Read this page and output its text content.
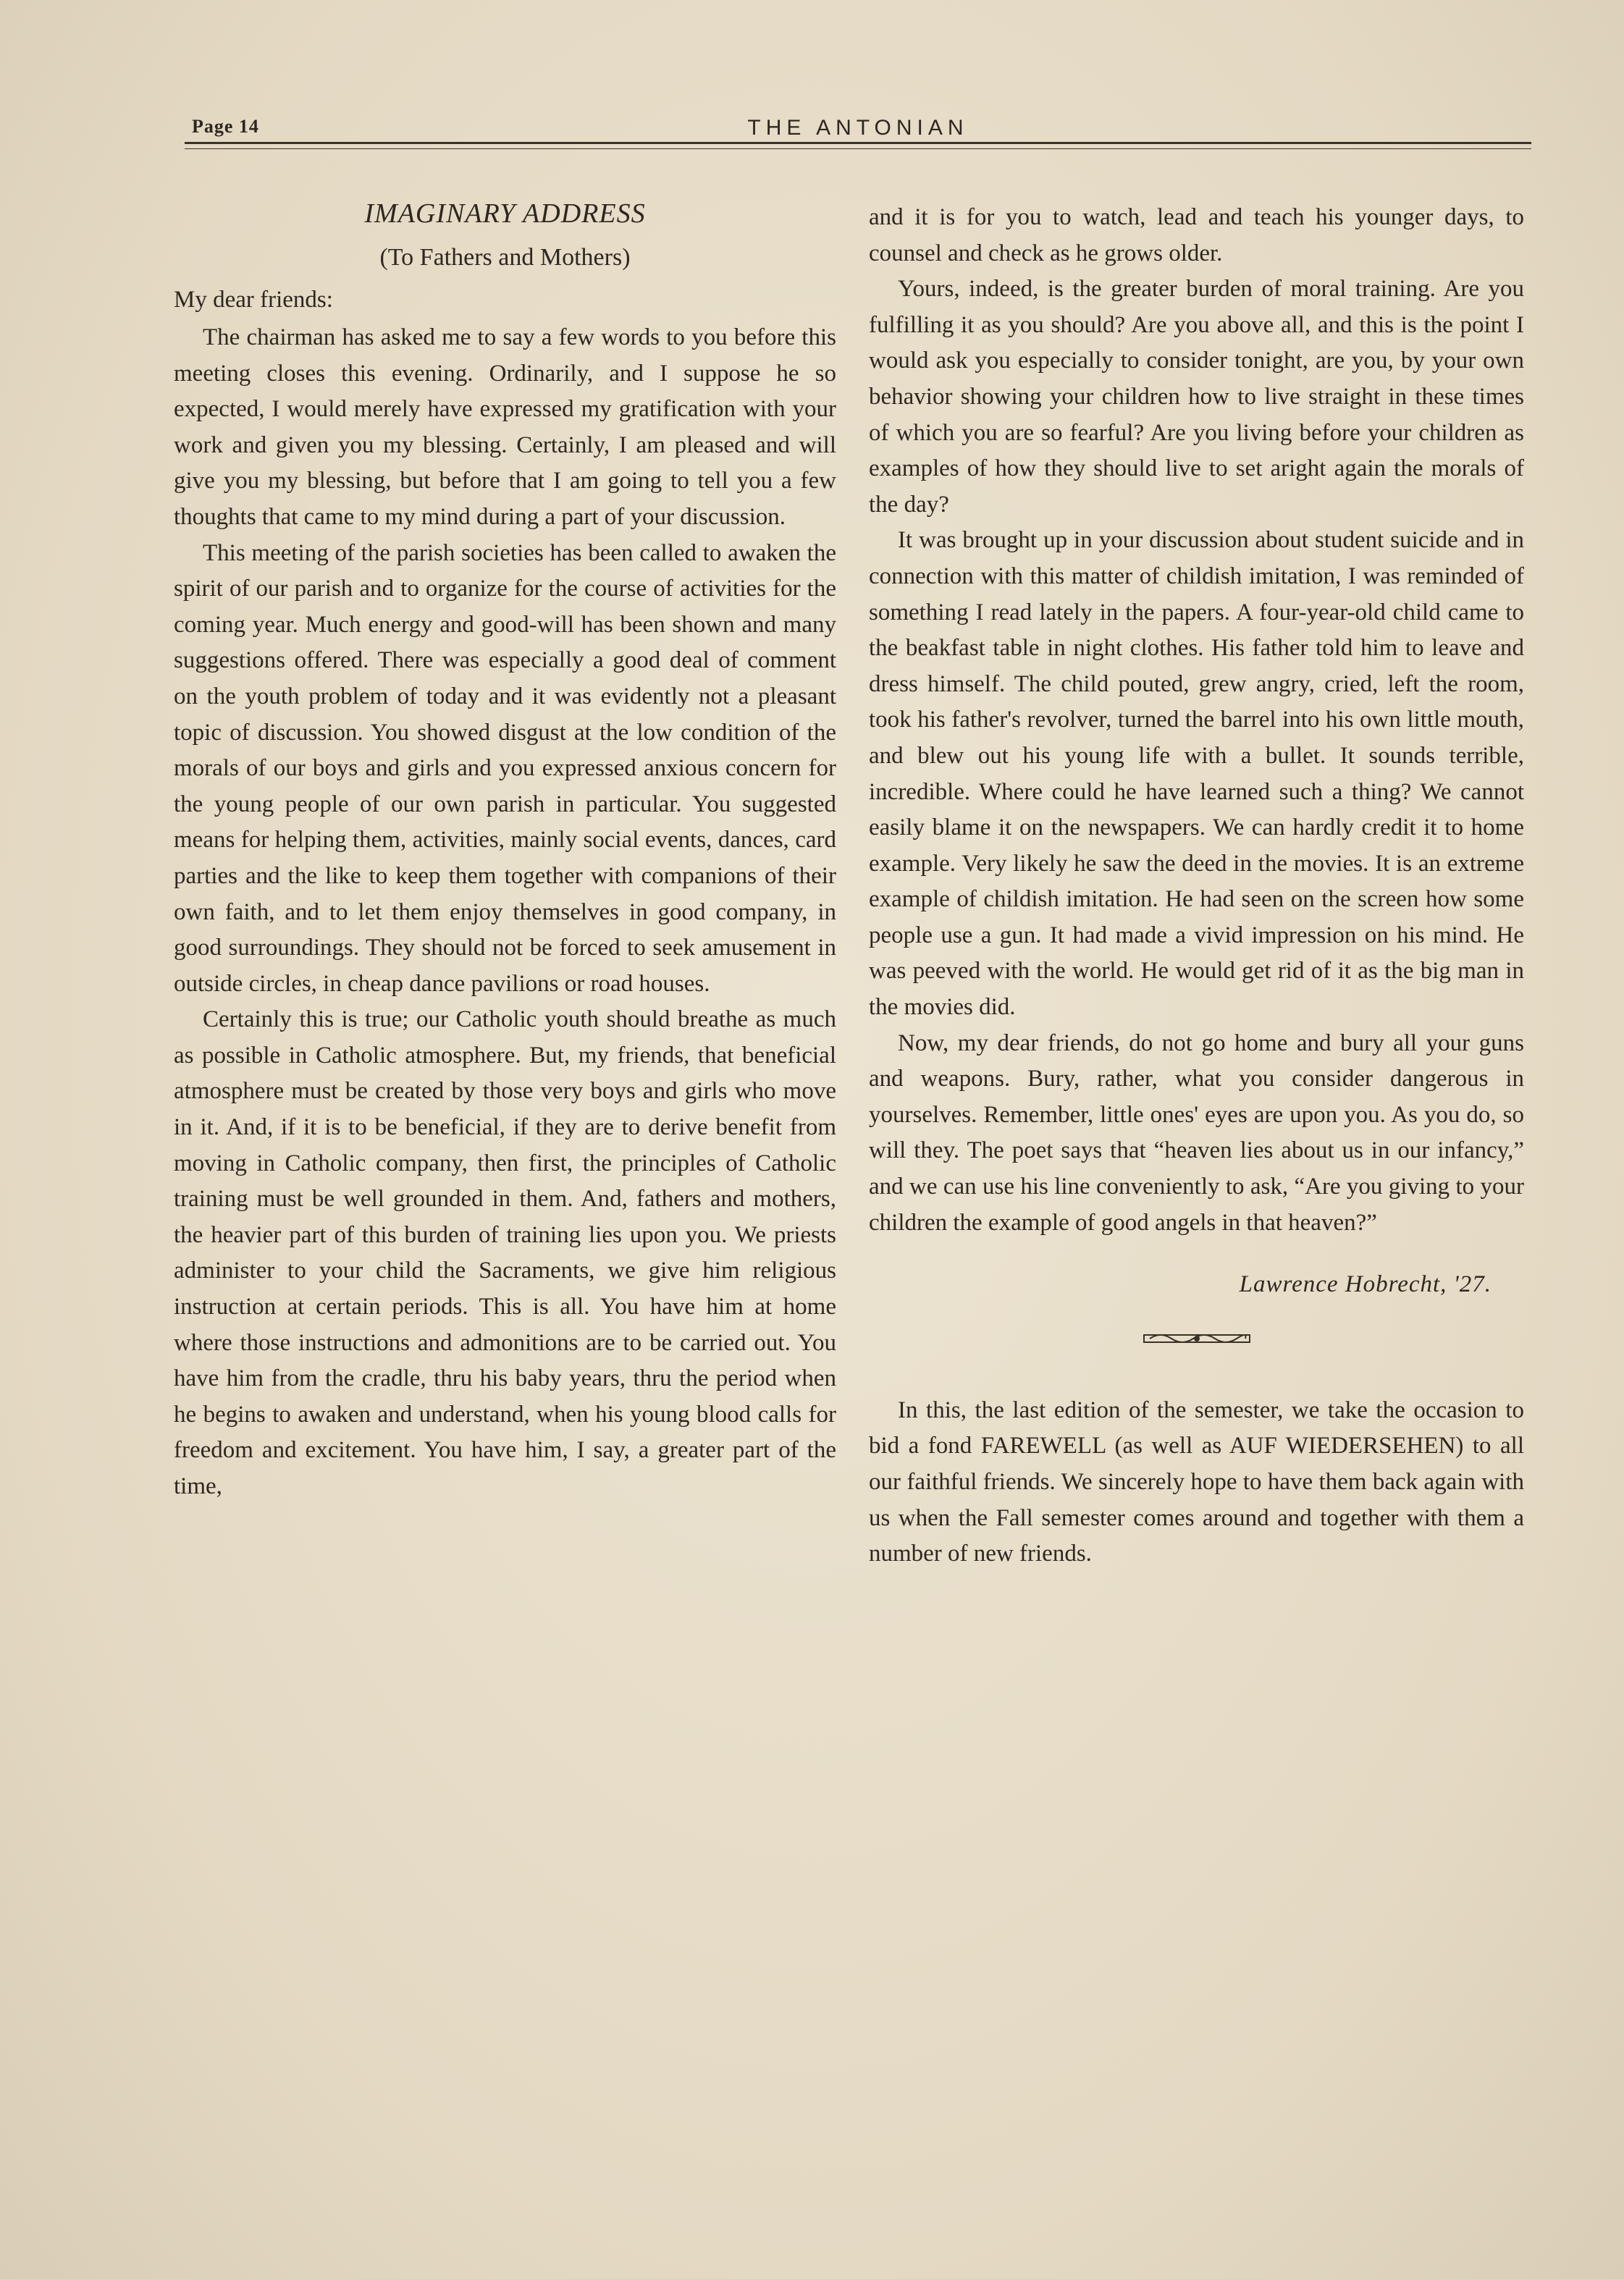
Page 14	THE ANTONIAN
IMAGINARY ADDRESS
(To Fathers and Mothers)

My dear friends:

The chairman has asked me to say a few words to you before this meeting closes this evening. Ordinarily, and I suppose he so expected, I would merely have expressed my gratification with your work and given you my blessing. Certainly, I am pleased and will give you my blessing, but before that I am going to tell you a few thoughts that came to my mind during a part of your discussion.

This meeting of the parish societies has been called to awaken the spirit of our parish and to organize for the course of activities for the coming year. Much energy and good-will has been shown and many suggestions offered. There was especially a good deal of comment on the youth problem of today and it was evidently not a pleasant topic of discussion. You showed disgust at the low condition of the morals of our boys and girls and you expressed anxious concern for the young people of our own parish in particular. You suggested means for helping them, activities, mainly social events, dances, card parties and the like to keep them together with companions of their own faith, and to let them enjoy themselves in good company, in good surroundings. They should not be forced to seek amusement in outside circles, in cheap dance pavilions or road houses.

Certainly this is true; our Catholic youth should breathe as much as possible in Catholic atmosphere. But, my friends, that beneficial atmosphere must be created by those very boys and girls who move in it. And, if it is to be beneficial, if they are to derive benefit from moving in Catholic company, then first, the principles of Catholic training must be well grounded in them. And, fathers and mothers, the heavier part of this burden of training lies upon you. We priests administer to your child the Sacraments, we give him religious instruction at certain periods. This is all. You have him at home where those instructions and admonitions are to be carried out. You have him from the cradle, thru his baby years, thru the period when he begins to awaken and understand, when his young blood calls for freedom and excitement. You have him, I say, a greater part of the time,

and it is for you to watch, lead and teach his younger days, to counsel and check as he grows older.

Yours, indeed, is the greater burden of moral training. Are you fulfilling it as you should? Are you above all, and this is the point I would ask you especially to consider tonight, are you, by your own behavior showing your children how to live straight in these times of which you are so fearful? Are you living before your children as examples of how they should live to set aright again the morals of the day?

It was brought up in your discussion about student suicide and in connection with this matter of childish imitation, I was reminded of something I read lately in the papers. A four-year-old child came to the beakfast table in night clothes. His father told him to leave and dress himself. The child pouted, grew angry, cried, left the room, took his father's revolver, turned the barrel into his own little mouth, and blew out his young life with a bullet. It sounds terrible, incredible. Where could he have learned such a thing? We cannot easily blame it on the newspapers. We can hardly credit it to home example. Very likely he saw the deed in the movies. It is an extreme example of childish imitation. He had seen on the screen how some people use a gun. It had made a vivid impression on his mind. He was peeved with the world. He would get rid of it as the big man in the movies did.

Now, my dear friends, do not go home and bury all your guns and weapons. Bury, rather, what you consider dangerous in yourselves. Remember, little ones' eyes are upon you. As you do, so will they. The poet says that “heaven lies about us in our infancy,” and we can use his line conveniently to ask, “Are you giving to your children the example of good angels in that heaven?”

Lawrence Hobrecht, '27.

In this, the last edition of the semester, we take the occasion to bid a fond FAREWELL (as well as AUF WIEDERSEHEN) to all our faithful friends. We sincerely hope to have them back again with us when the Fall semester comes around and together with them a number of new friends.
